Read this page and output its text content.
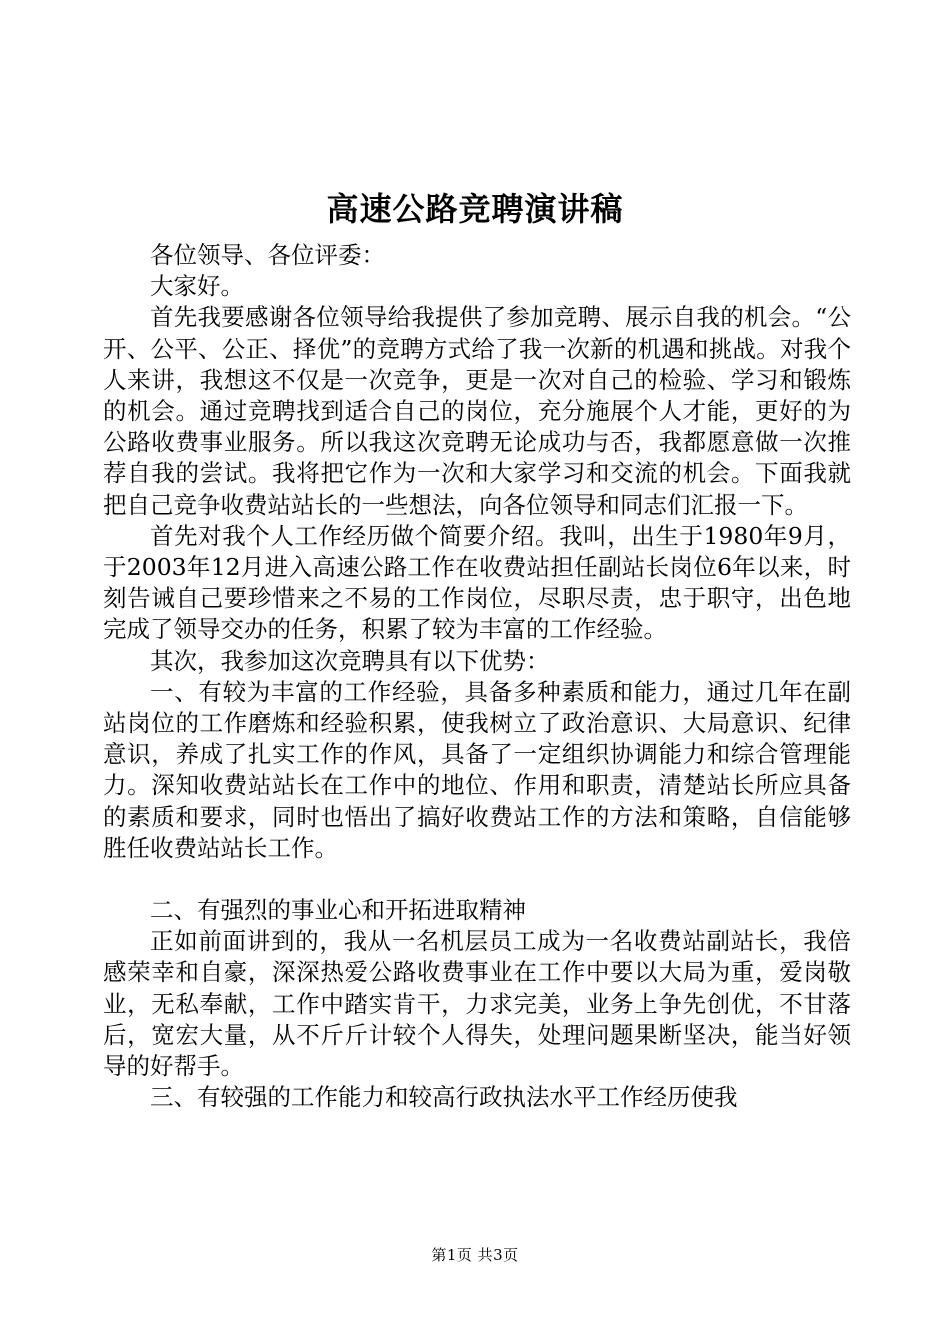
高速公路竞聘演讲稿

各位领导、各位评委：

大家好。

首先我要感谢各位领导给我提供了参加竞聘、展示自我的机会。“公开、公平、公正、择优”的竞聘方式给了我一次新的机遇和挑战。对我个人来讲，我想这不仅是一次竞争，更是一次对自己的检验、学习和锻炼的机会。通过竞聘找到适合自己的岗位，充分施展个人才能，更好的为公路收费事业服务。所以我这次竞聘无论成功与否，我都愿意做一次推荐自我的尝试。我将把它作为一次和大家学习和交流的机会。下面我就把自己竞争收费站站长的一些想法，向各位领导和同志们汇报一下。

首先对我个人工作经历做个简要介绍。我叫，出生于1980年9月，于2003年12月进入高速公路工作在收费站担任副站长岗位6年以来，时刻告诫自己要珍惜来之不易的工作岗位，尽职尽责，忠于职守，出色地完成了领导交办的任务，积累了较为丰富的工作经验。

其次，我参加这次竞聘具有以下优势：

一、有较为丰富的工作经验，具备多种素质和能力，通过几年在副站岗位的工作磨炼和经验积累，使我树立了政治意识、大局意识、纪律意识，养成了扎实工作的作风，具备了一定组织协调能力和综合管理能力。深知收费站站长在工作中的地位、作用和职责，清楚站长所应具备的素质和要求，同时也悟出了搞好收费站工作的方法和策略，自信能够胜任收费站站长工作。

二、有强烈的事业心和开拓进取精神

正如前面讲到的，我从一名机层员工成为一名收费站副站长，我倍感荣幸和自豪，深深热爱公路收费事业在工作中要以大局为重，爱岗敬业，无私奉献，工作中踏实肯干，力求完美，业务上争先创优，不甘落后，宽宏大量，从不斤斤计较个人得失，处理问题果断坚决，能当好领导的好帮手。

三、有较强的工作能力和较高行政执法水平工作经历使我

第1页 共3页
